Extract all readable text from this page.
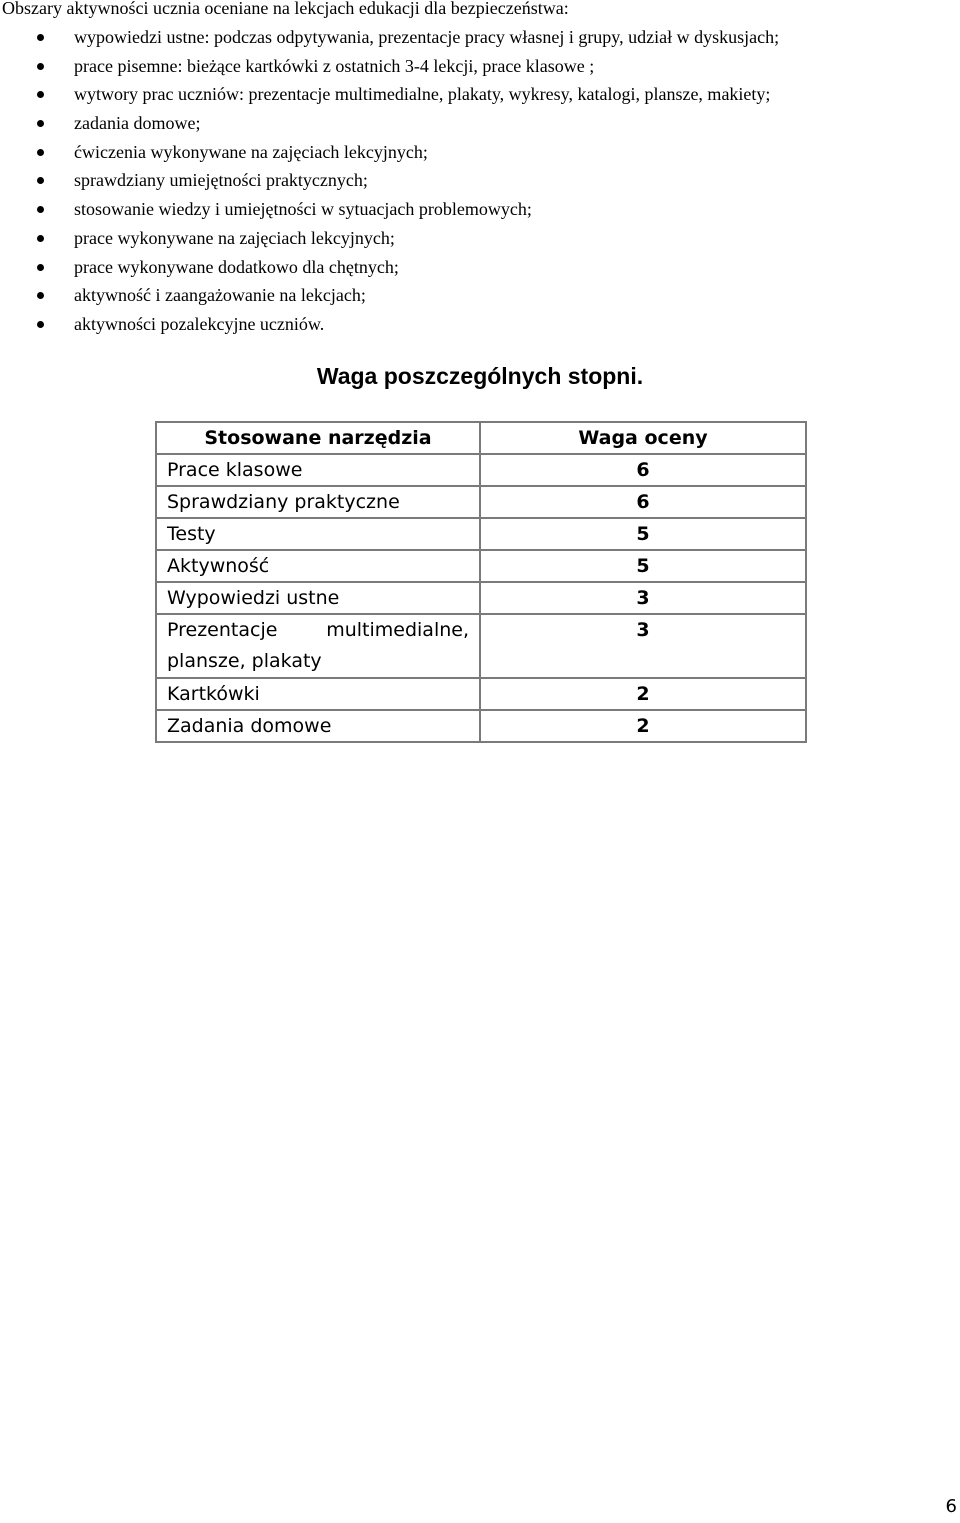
Obszary aktywności ucznia oceniane na lekcjach edukacji dla bezpieczeństwa:

wypowiedzi ustne: podczas odpytywania, prezentacje pracy własnej i grupy, udział w dyskusjach;
prace pisemne: bieżące kartkówki z ostatnich 3-4 lekcji, prace klasowe ;
wytwory prac uczniów: prezentacje multimedialne, plakaty, wykresy, katalogi, plansze, makiety;
zadania domowe;
ćwiczenia wykonywane na zajęciach lekcyjnych;
sprawdziany umiejętności praktycznych;
stosowanie wiedzy i umiejętności w sytuacjach problemowych;
prace wykonywane na zajęciach lekcyjnych;
prace wykonywane dodatkowo dla chętnych;
aktywność i zaangażowanie na lekcjach;
aktywności pozalekcyjne uczniów.
Waga poszczególnych stopni.
Stosowane narzędzia	Waga oceny
Prace klasowe	6
Sprawdziany praktyczne	6
Testy	5
Aktywność	5
Wypowiedzi ustne	3
Prezentacje multimedialne, plansze, plakaty	3
Kartkówki	2
Zadania domowe	2
6
